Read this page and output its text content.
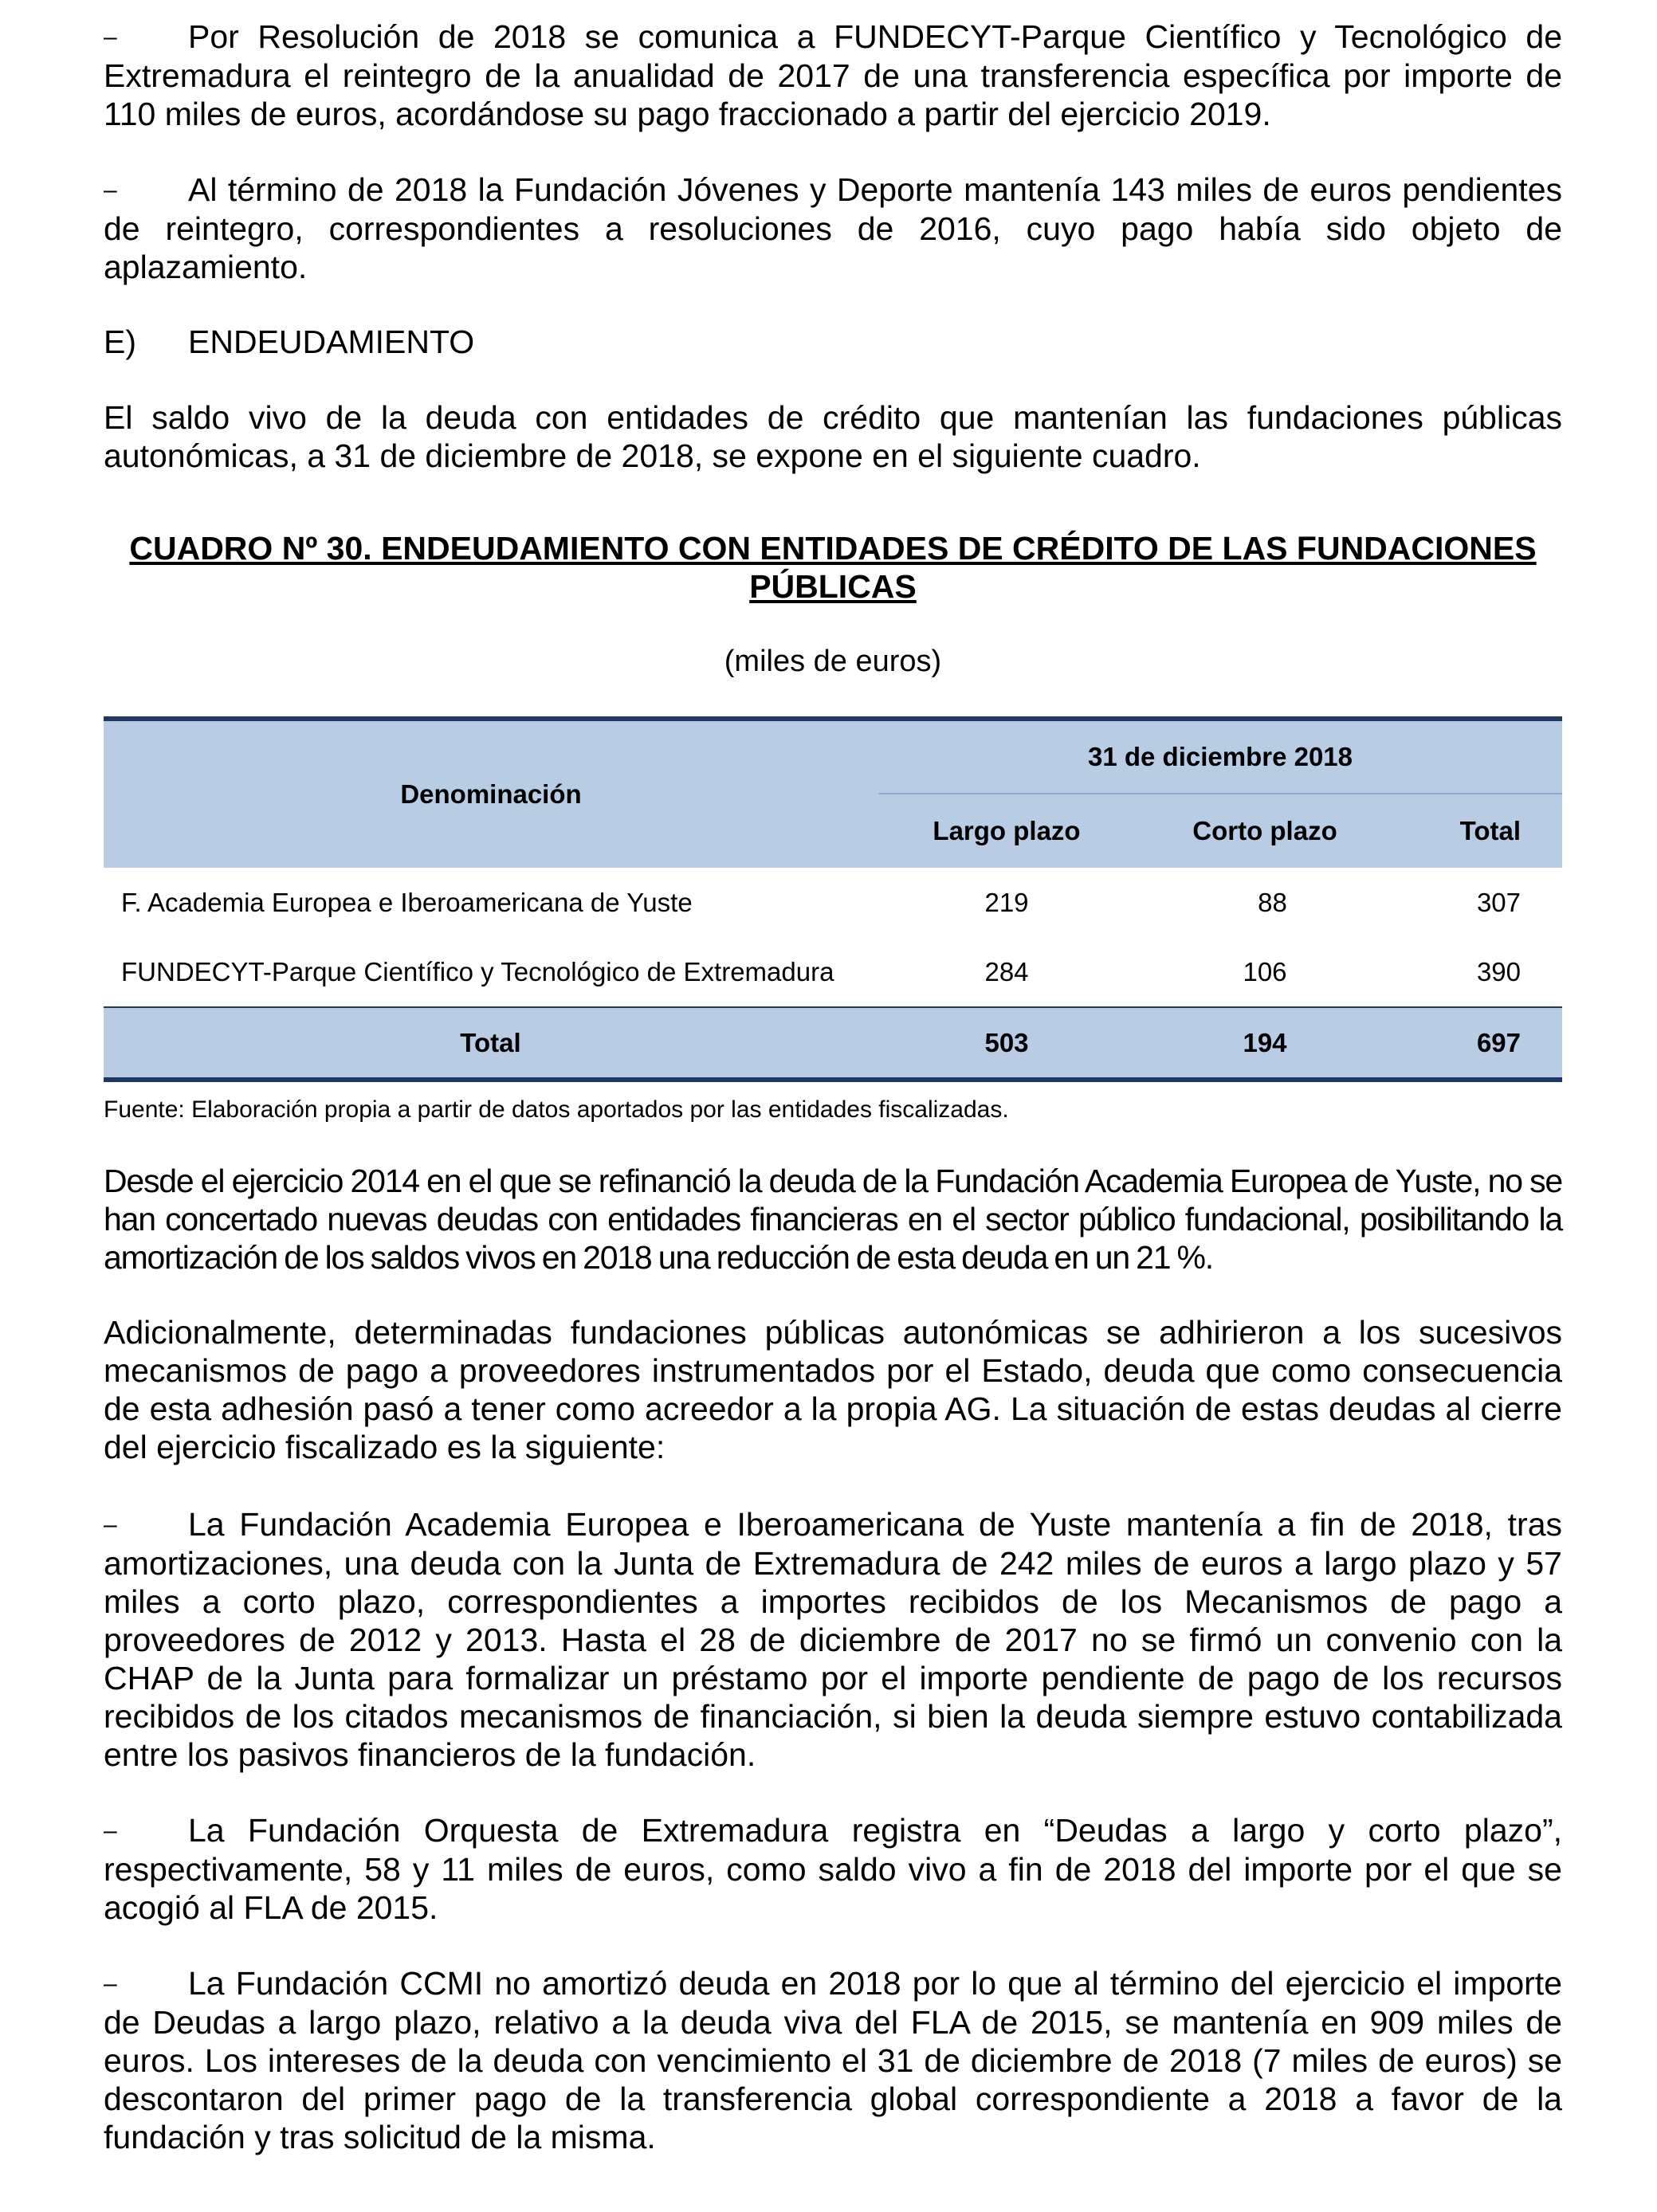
– Por Resolución de 2018 se comunica a FUNDECYT-Parque Científico y Tecnológico de Extremadura el reintegro de la anualidad de 2017 de una transferencia específica por importe de 110 miles de euros, acordándose su pago fraccionado a partir del ejercicio 2019.

– Al término de 2018 la Fundación Jóvenes y Deporte mantenía 143 miles de euros pendientes de reintegro, correspondientes a resoluciones de 2016, cuyo pago había sido objeto de aplazamiento.

E) ENDEUDAMIENTO

El saldo vivo de la deuda con entidades de crédito que mantenían las fundaciones públicas autonómicas, a 31 de diciembre de 2018, se expone en el siguiente cuadro.

CUADRO Nº 30. ENDEUDAMIENTO CON ENTIDADES DE CRÉDITO DE LAS FUNDACIONES PÚBLICAS

(miles de euros)

Denominación	31 de diciembre 2018		
	Largo plazo	Corto plazo	Total
F. Academia Europea e Iberoamericana de Yuste	219	88	307
FUNDECYT-Parque Científico y Tecnológico de Extremadura	284	106	390
Total	503	194	697

Fuente: Elaboración propia a partir de datos aportados por las entidades fiscalizadas.

Desde el ejercicio 2014 en el que se refinanció la deuda de la Fundación Academia Europea de Yuste, no se han concertado nuevas deudas con entidades financieras en el sector público fundacional, posibilitando la amortización de los saldos vivos en 2018 una reducción de esta deuda en un 21 %.

Adicionalmente, determinadas fundaciones públicas autonómicas se adhirieron a los sucesivos mecanismos de pago a proveedores instrumentados por el Estado, deuda que como consecuencia de esta adhesión pasó a tener como acreedor a la propia AG. La situación de estas deudas al cierre del ejercicio fiscalizado es la siguiente:

– La Fundación Academia Europea e Iberoamericana de Yuste mantenía a fin de 2018, tras amortizaciones, una deuda con la Junta de Extremadura de 242 miles de euros a largo plazo y 57 miles a corto plazo, correspondientes a importes recibidos de los Mecanismos de pago a proveedores de 2012 y 2013. Hasta el 28 de diciembre de 2017 no se firmó un convenio con la CHAP de la Junta para formalizar un préstamo por el importe pendiente de pago de los recursos recibidos de los citados mecanismos de financiación, si bien la deuda siempre estuvo contabilizada entre los pasivos financieros de la fundación.

– La Fundación Orquesta de Extremadura registra en “Deudas a largo y corto plazo”, respectivamente, 58 y 11 miles de euros, como saldo vivo a fin de 2018 del importe por el que se acogió al FLA de 2015.

– La Fundación CCMI no amortizó deuda en 2018 por lo que al término del ejercicio el importe de Deudas a largo plazo, relativo a la deuda viva del FLA de 2015, se mantenía en 909 miles de euros. Los intereses de la deuda con vencimiento el 31 de diciembre de 2018 (7 miles de euros) se descontaron del primer pago de la transferencia global correspondiente a 2018 a favor de la fundación y tras solicitud de la misma.
